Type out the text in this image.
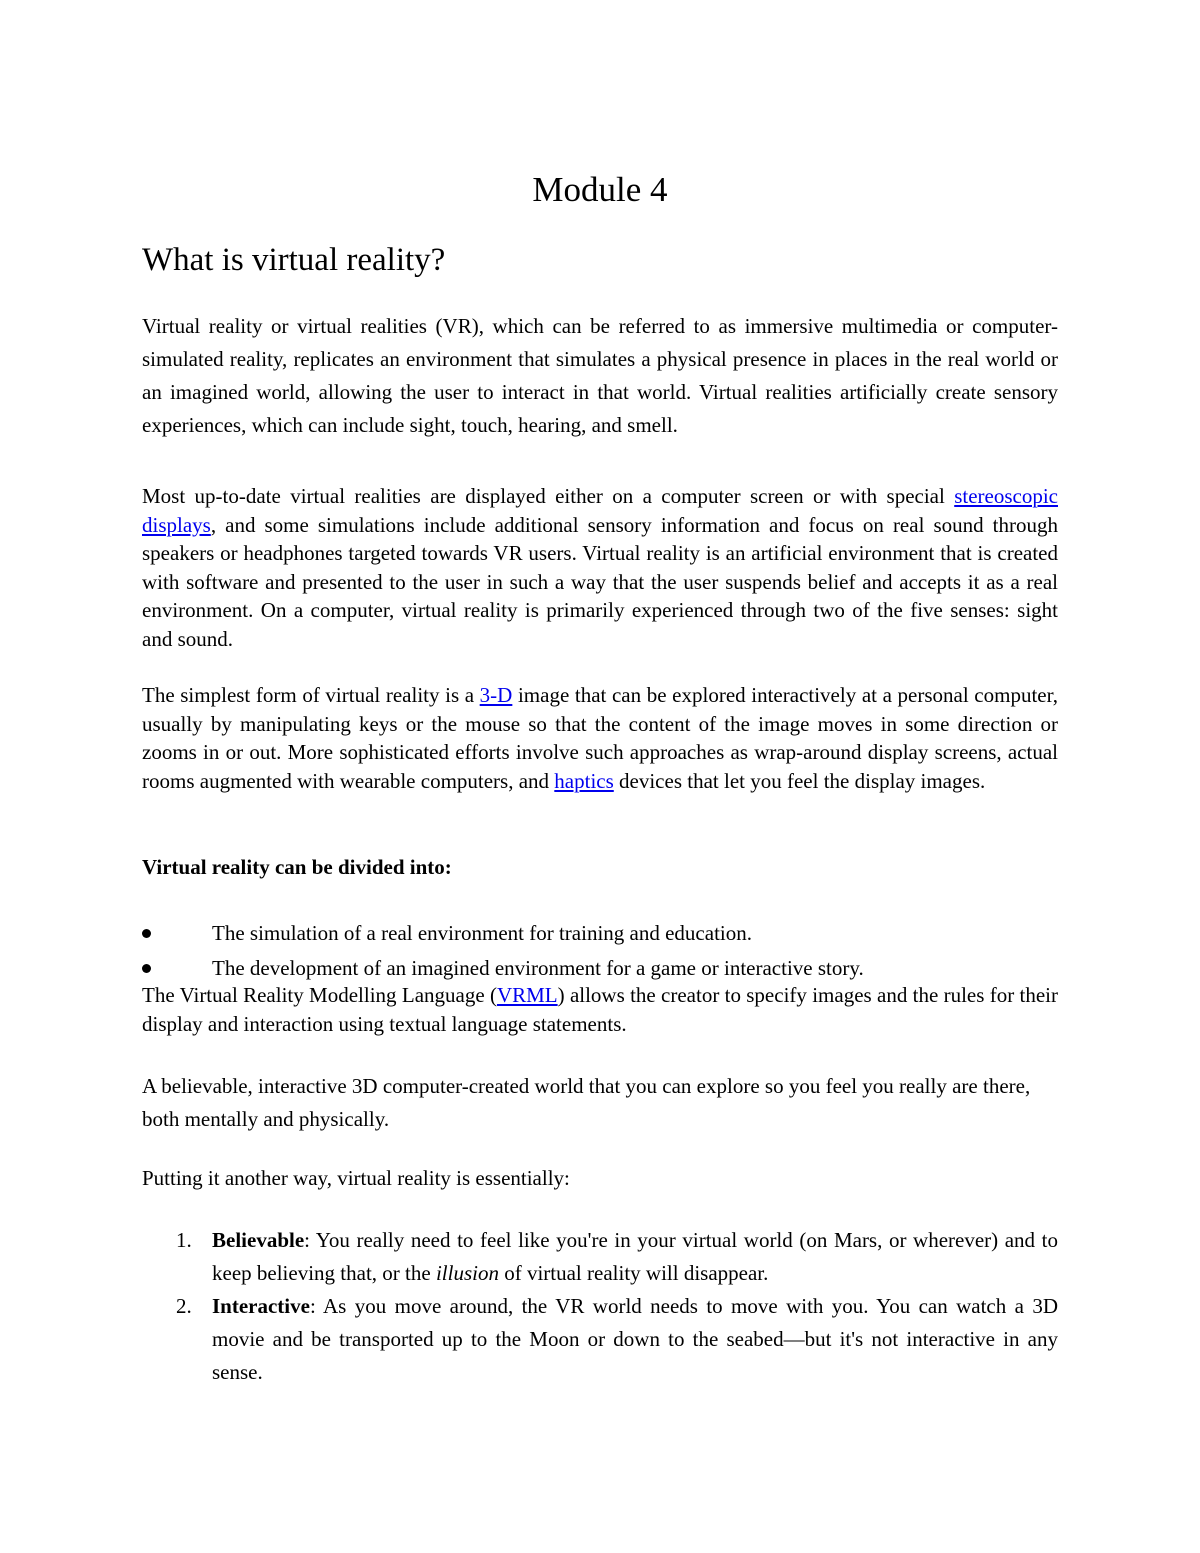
Module 4
What is virtual reality?

Virtual reality or virtual realities (VR), which can be referred to as immersive multimedia or computer-simulated reality, replicates an environment that simulates a physical presence in places in the real world or an imagined world, allowing the user to interact in that world. Virtual realities artificially create sensory experiences, which can include sight, touch, hearing, and smell.

Most up-to-date virtual realities are displayed either on a computer screen or with special stereoscopic displays, and some simulations include additional sensory information and focus on real sound through speakers or headphones targeted towards VR users. Virtual reality is an artificial environment that is created with software and presented to the user in such a way that the user suspends belief and accepts it as a real environment. On a computer, virtual reality is primarily experienced through two of the five senses: sight and sound.

The simplest form of virtual reality is a 3-D image that can be explored interactively at a personal computer, usually by manipulating keys or the mouse so that the content of the image moves in some direction or zooms in or out. More sophisticated efforts involve such approaches as wrap-around display screens, actual rooms augmented with wearable computers, and haptics devices that let you feel the display images.

Virtual reality can be divided into:

The simulation of a real environment for training and education.
The development of an imagined environment for a game or interactive story.

The Virtual Reality Modelling Language (VRML) allows the creator to specify images and the rules for their display and interaction using textual language statements.

A believable, interactive 3D computer-created world that you can explore so you feel you really are there, both mentally and physically.

Putting it another way, virtual reality is essentially:

1. Believable: You really need to feel like you're in your virtual world (on Mars, or wherever) and to keep believing that, or the illusion of virtual reality will disappear.
2. Interactive: As you move around, the VR world needs to move with you. You can watch a 3D movie and be transported up to the Moon or down to the seabed—but it's not interactive in any sense.
